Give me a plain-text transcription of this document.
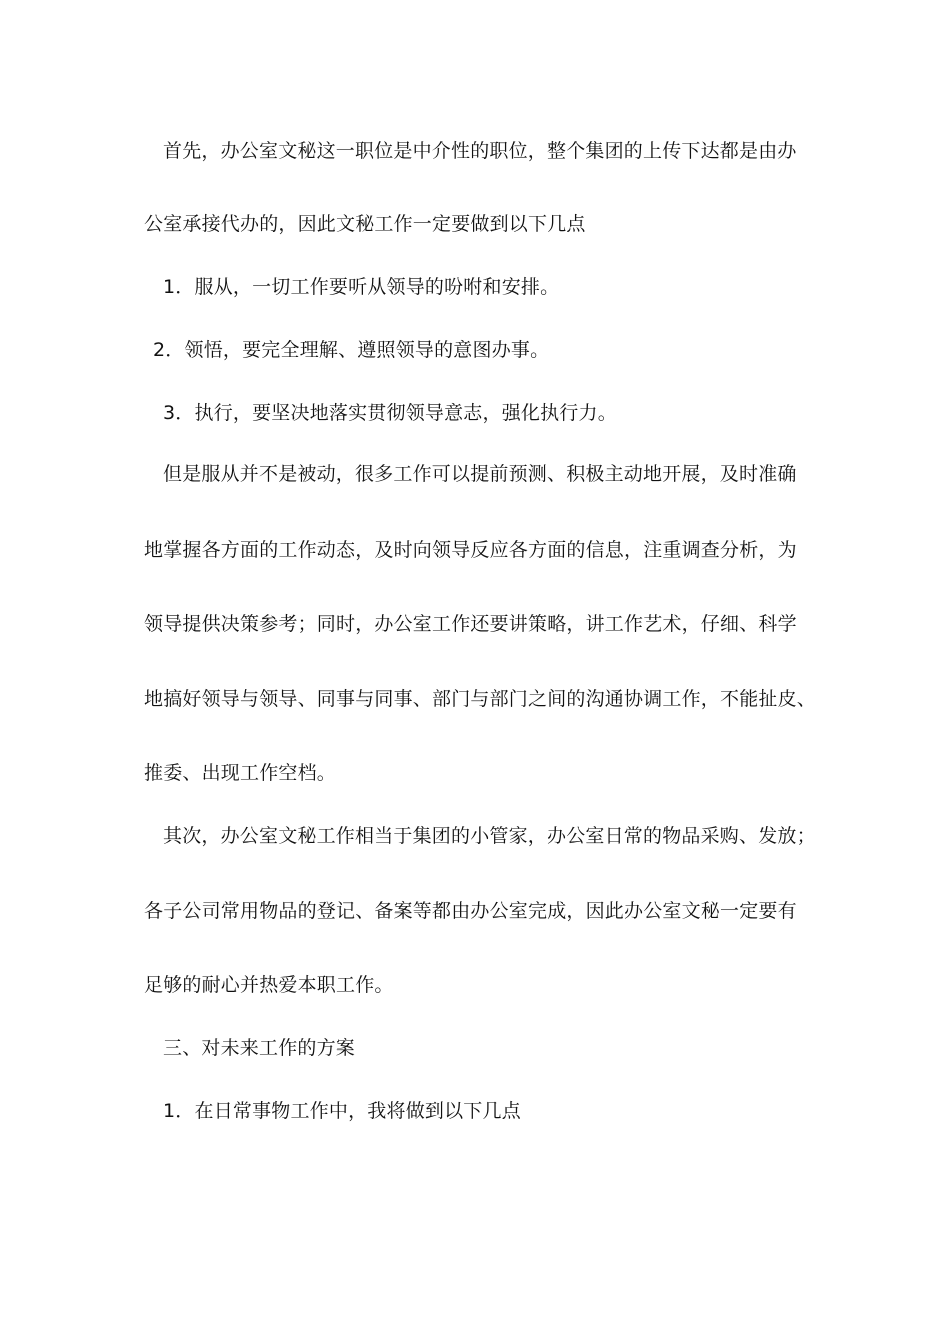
首先，办公室文秘这一职位是中介性的职位，整个集团的上传下达都是由办
公室承接代办的，因此文秘工作一定要做到以下几点
1．服从，一切工作要听从领导的吩咐和安排。
2．领悟，要完全理解、遵照领导的意图办事。
3．执行，要坚决地落实贯彻领导意志，强化执行力。
但是服从并不是被动，很多工作可以提前预测、积极主动地开展，及时准确
地掌握各方面的工作动态，及时向领导反应各方面的信息，注重调查分析，为
领导提供决策参考；同时，办公室工作还要讲策略，讲工作艺术，仔细、科学
地搞好领导与领导、同事与同事、部门与部门之间的沟通协调工作，不能扯皮、
推委、出现工作空档。
其次，办公室文秘工作相当于集团的小管家，办公室日常的物品采购、发放；
各子公司常用物品的登记、备案等都由办公室完成，因此办公室文秘一定要有
足够的耐心并热爱本职工作。
三、对未来工作的方案
1．在日常事物工作中，我将做到以下几点
